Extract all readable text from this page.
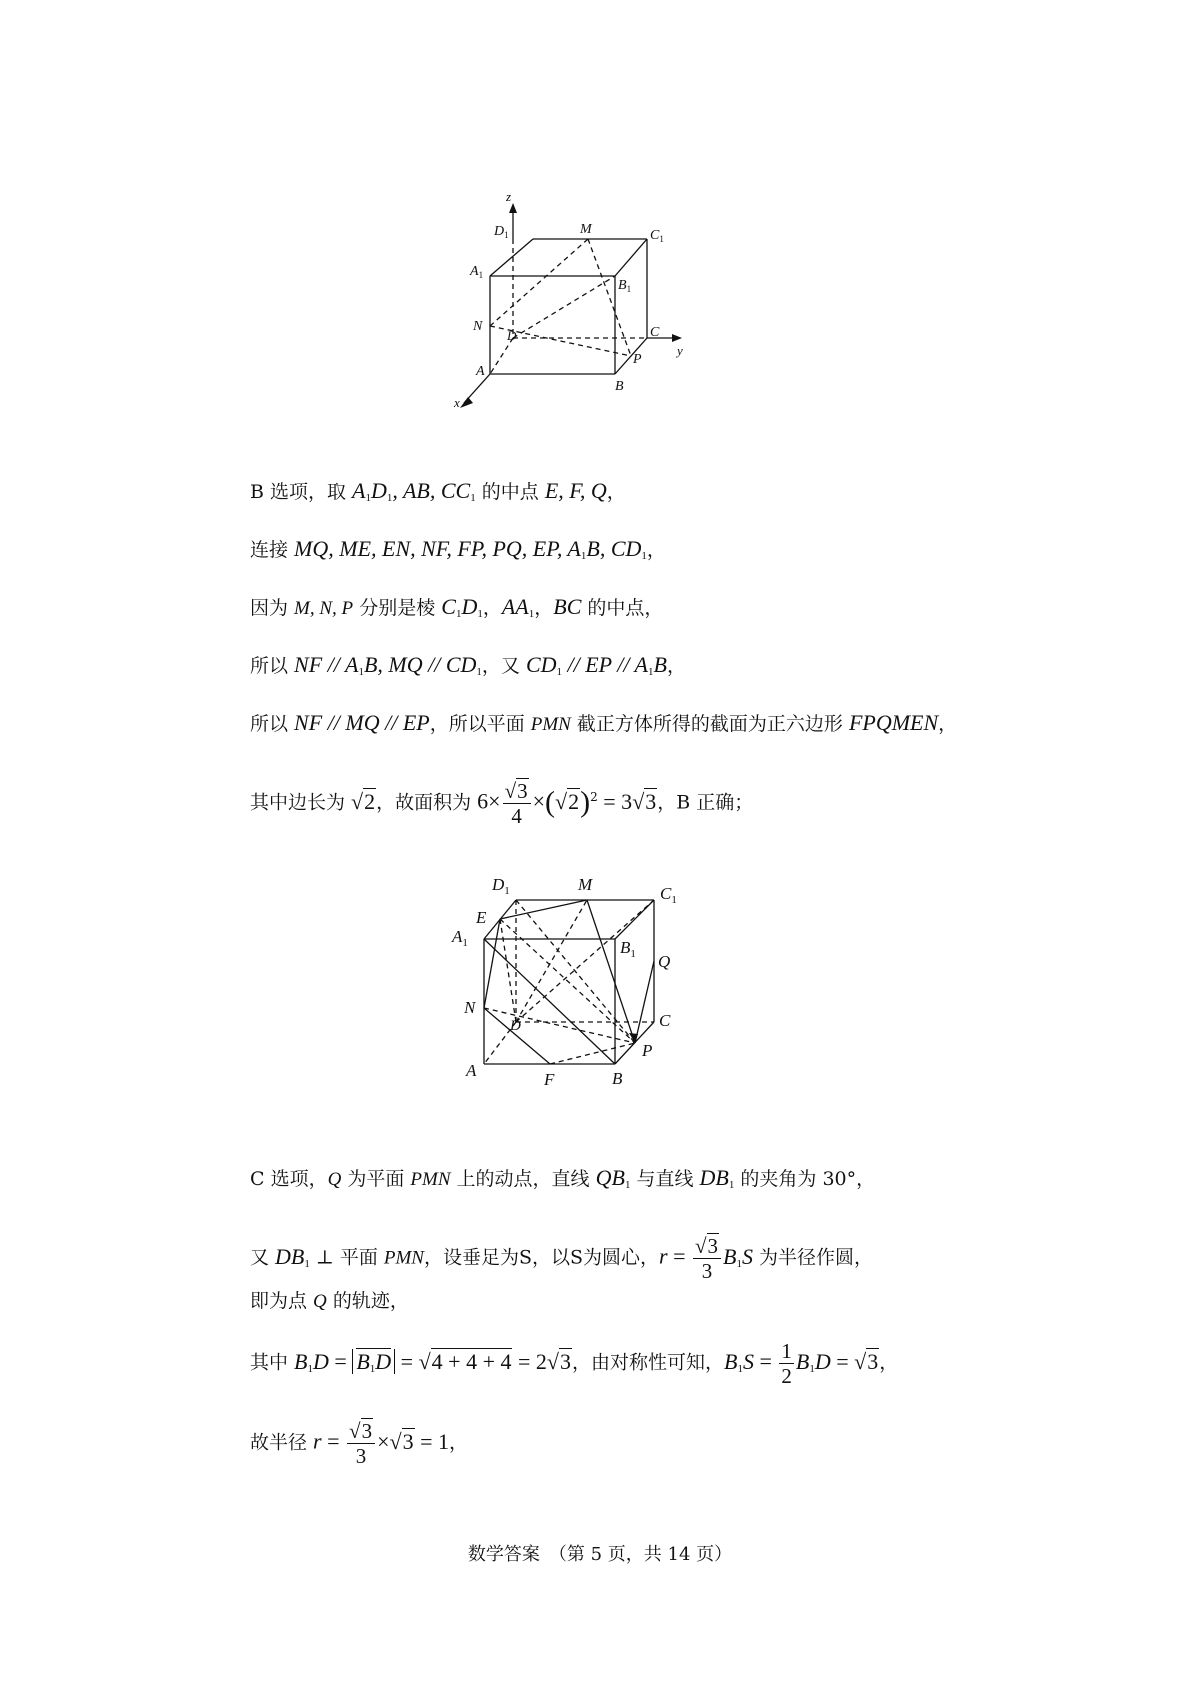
z
$D_1$	M	$C_1$
$A_1$
$B_1$
N	C
D
y
P
A
B
x
B 选项，取 $A_1D_1$, AB, $CC_1$ 的中点 E, F, Q，
连接 MQ, ME, EN, NF, FP, PQ, EP, $A_1B$, $CD_1$，
因为 M, N, P 分别是棱 $C_1D_1$，$AA_1$，BC 的中点，
所以 NF // $A_1B$, MQ // $CD_1$，又 $CD_1$ // EP // $A_1B$，
所以 NF // MQ // EP，所以平面 PMN 截正方体所得的截面为正六边形 FPQMEN，
其中边长为 √2，故面积为 $6\times \frac{√3}{4} \times(√2)^2 = 3√3$，B 正确；
$D_1$	M	$C_1$
E
$A_1$	$B_1$ Q
N
D	C
P
A	F	B
C 选项，Q 为平面 PMN 上的动点，直线 $QB_1$ 与直线 $DB_1$ 的夹角为 30°，
又 $DB_1$ ⊥ 平面 PMN，设垂足为S，以S为圆心，$r = \frac{√3}{3} B_1S$ 为半径作圆，
即为点 Q 的轨迹，
其中 $B_1D = B_1D = √4 + 4 + 4 = 2√3$，由对称性可知，$B_1S = \frac{1}{2} B_1D = √3$，
故半径 $r = \frac{√3}{3} \times√3 = 1$，
数学答案　（第 5 页，共 14 页）
